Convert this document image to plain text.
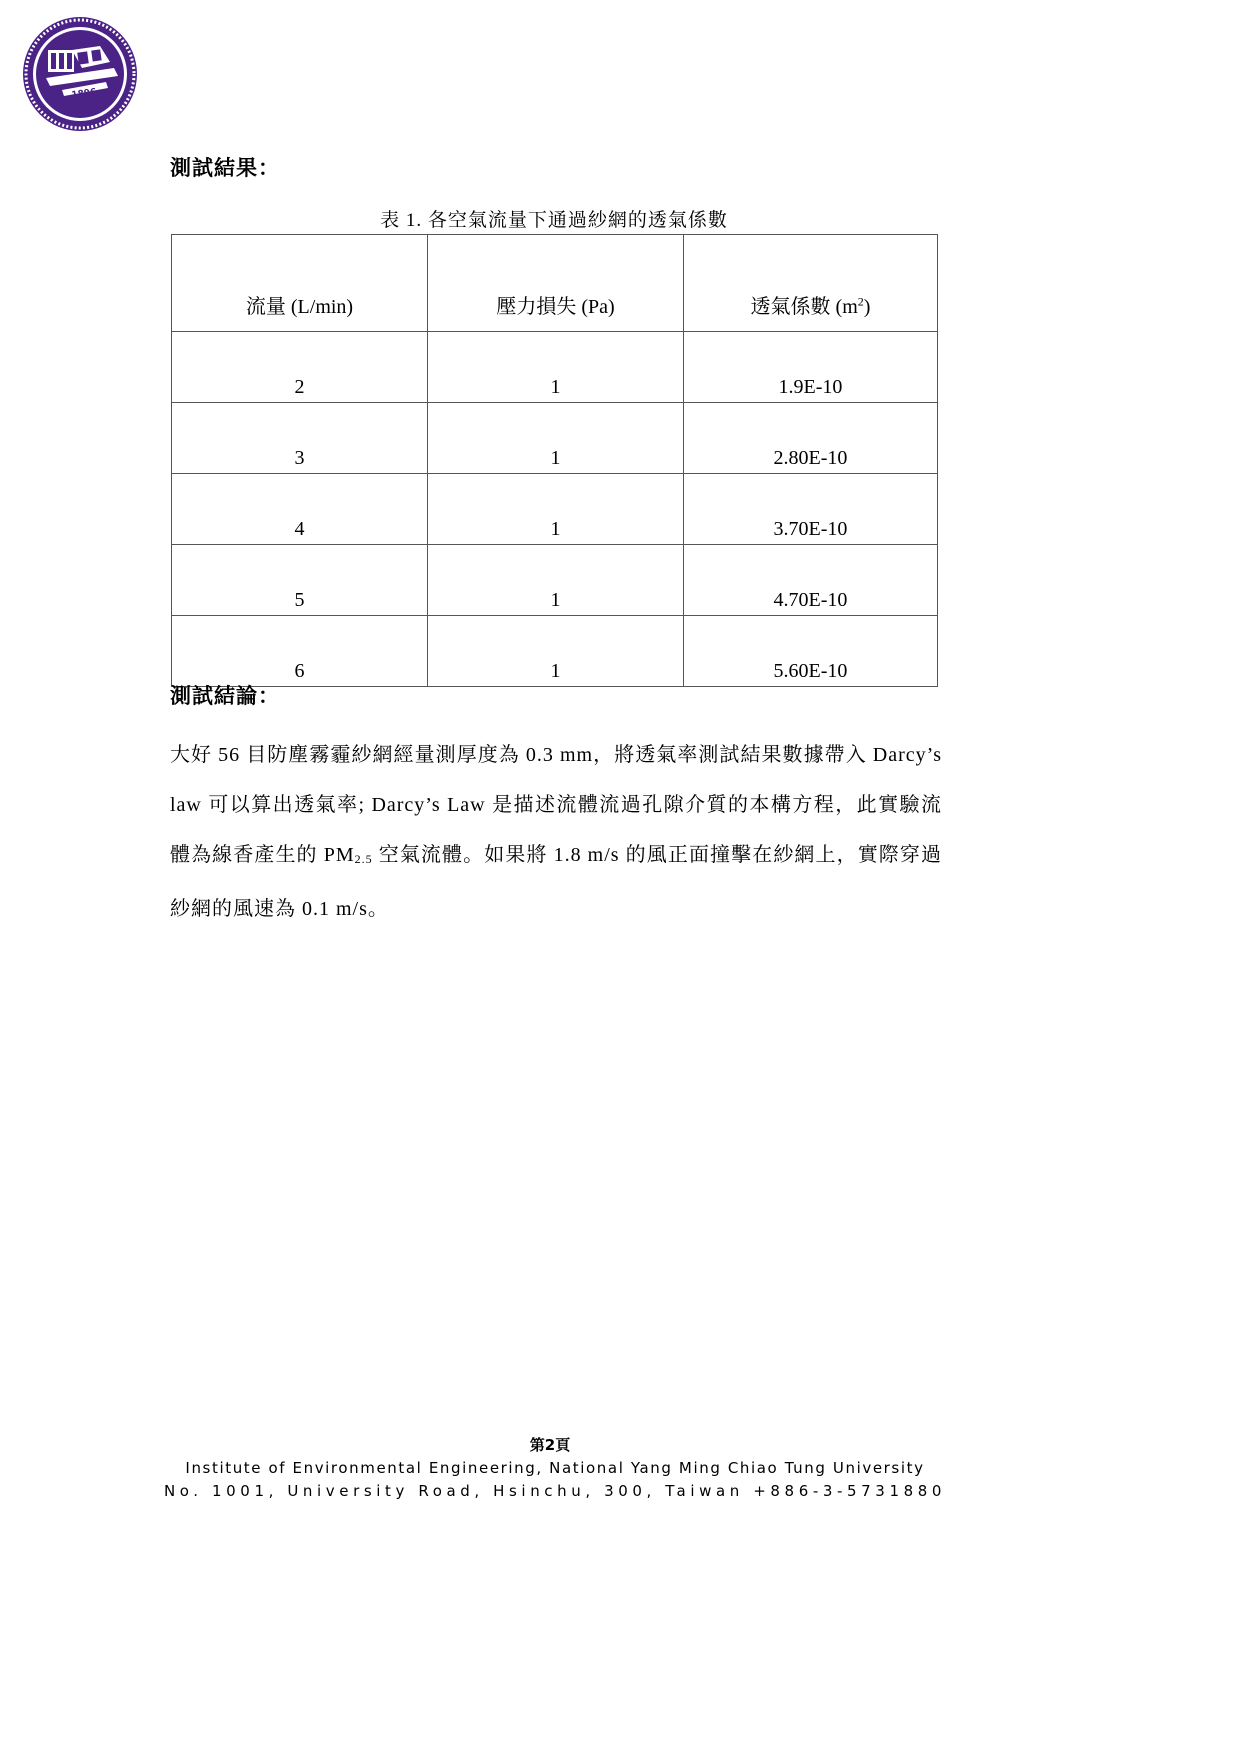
1896
測試結果：
表 1. 各空氣流量下通過紗網的透氣係數
流量 (L/min)	壓力損失 (Pa)	透氣係數 $(m^2)$
2	1	1.9E-10
3	1	2.80E-10
4	1	3.70E-10
5	1	4.70E-10
6	1	5.60E-10
測試結論：

大好 56 目防塵霧霾紗網經量測厚度為 0.3 mm，將透氣率測試結果數據帶入 Darcy’s law 可以算出透氣率; Darcy’s Law 是描述流體流過孔隙介質的本構方程，此實驗流體為線香產生的 $PM_{2.5}$ 空氣流體。如果將 1.8 m/s 的風正面撞擊在紗網上，實際穿過紗網的風速為 0.1 m/s。

第2頁
Institute of Environmental Engineering, National Yang Ming Chiao Tung University
No. 1001, University Road, Hsinchu, 300, Taiwan +886-3-5731880
